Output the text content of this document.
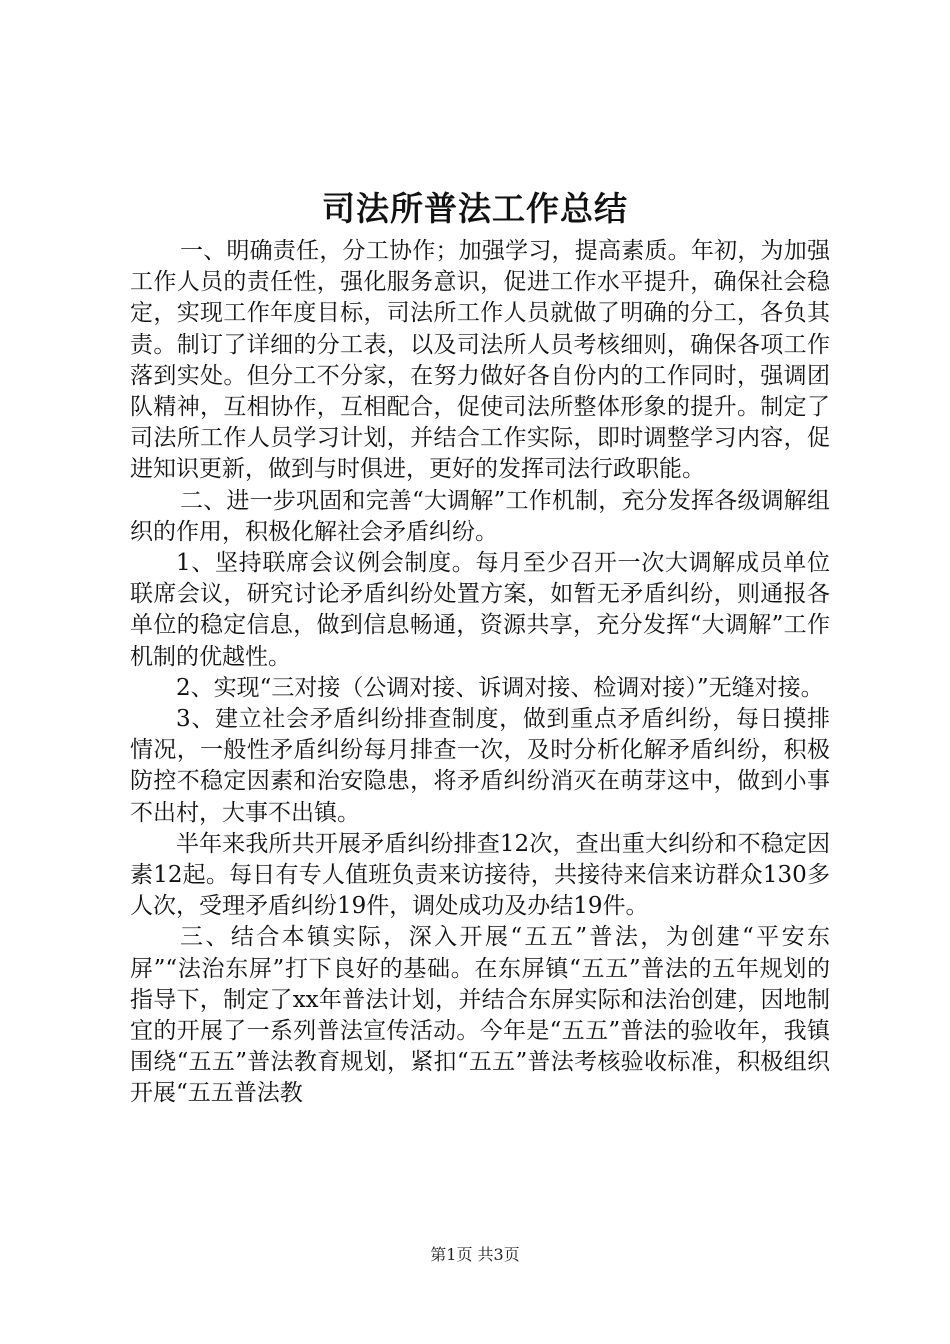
司法所普法工作总结

一、明确责任，分工协作；加强学习，提高素质。年初，为加强工作人员的责任性，强化服务意识，促进工作水平提升，确保社会稳定，实现工作年度目标，司法所工作人员就做了明确的分工，各负其责。制订了详细的分工表，以及司法所人员考核细则，确保各项工作落到实处。但分工不分家，在努力做好各自份内的工作同时，强调团队精神，互相协作，互相配合，促使司法所整体形象的提升。制定了司法所工作人员学习计划，并结合工作实际，即时调整学习内容，促进知识更新，做到与时俱进，更好的发挥司法行政职能。

二、进一步巩固和完善“大调解”工作机制，充分发挥各级调解组织的作用，积极化解社会矛盾纠纷。

1、坚持联席会议例会制度。每月至少召开一次大调解成员单位联席会议，研究讨论矛盾纠纷处置方案，如暂无矛盾纠纷，则通报各单位的稳定信息，做到信息畅通，资源共享，充分发挥“大调解”工作机制的优越性。

2、实现“三对接（公调对接、诉调对接、检调对接）”无缝对接。

3、建立社会矛盾纠纷排查制度，做到重点矛盾纠纷，每日摸排情况，一般性矛盾纠纷每月排查一次，及时分析化解矛盾纠纷，积极防控不稳定因素和治安隐患，将矛盾纠纷消灭在萌芽这中，做到小事不出村，大事不出镇。

半年来我所共开展矛盾纠纷排查12次，查出重大纠纷和不稳定因素12起。每日有专人值班负责来访接待，共接待来信来访群众130多人次，受理矛盾纠纷19件，调处成功及办结19件。

三、结合本镇实际，深入开展“五五”普法，为创建“平安东屏”“法治东屏”打下良好的基础。在东屏镇“五五”普法的五年规划的指导下，制定了xx年普法计划，并结合东屏实际和法治创建，因地制宜的开展了一系列普法宣传活动。今年是“五五”普法的验收年，我镇围绕“五五”普法教育规划，紧扣“五五”普法考核验收标准，积极组织开展“五五普法教

第1页 共3页
